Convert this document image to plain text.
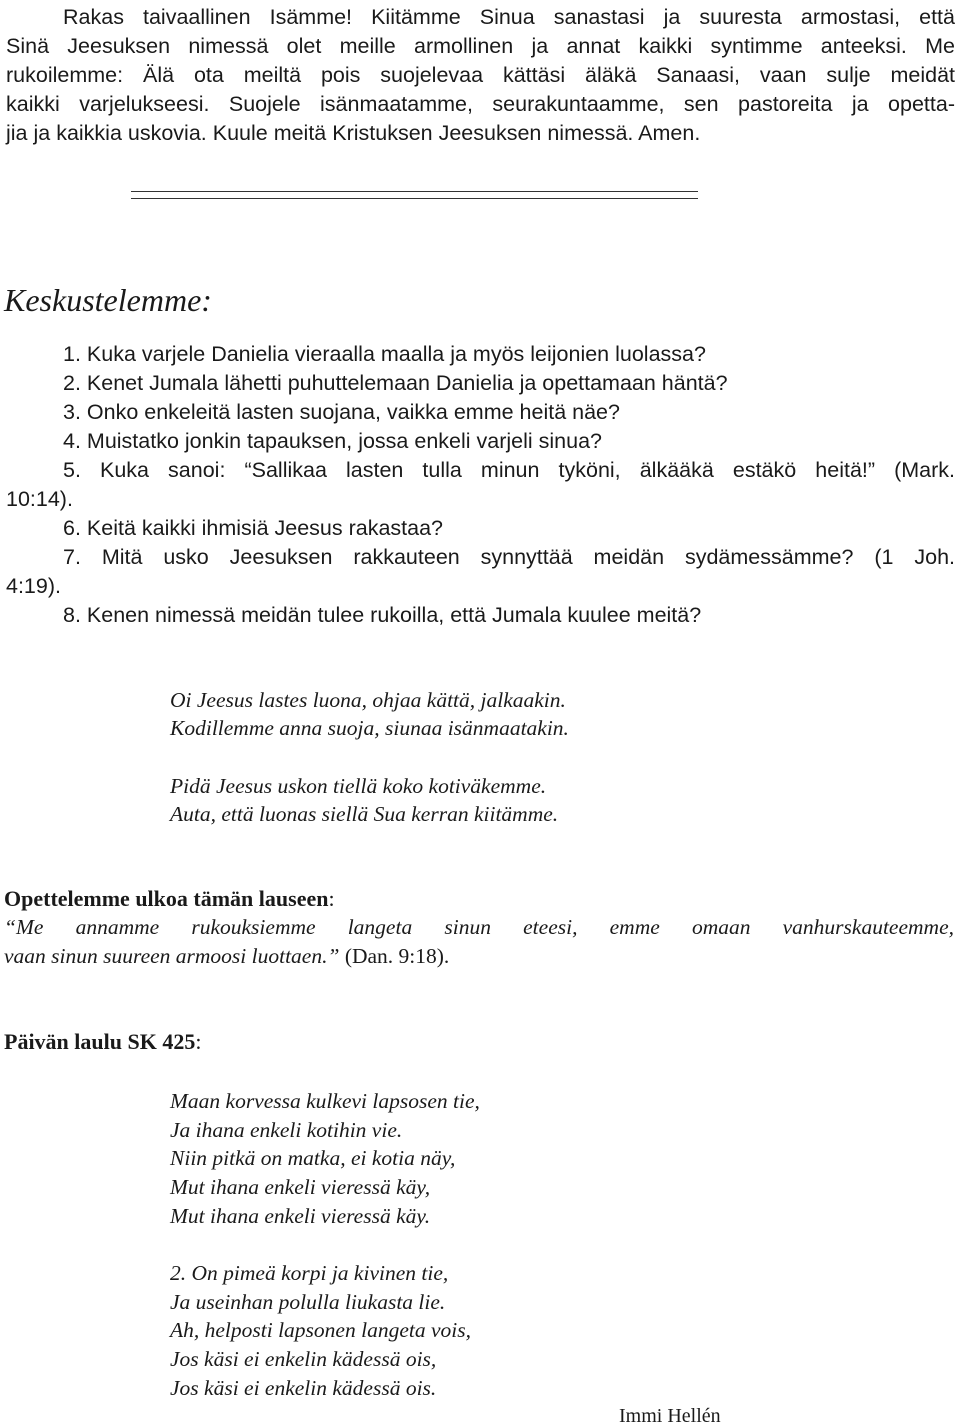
Rakas taivaallinen Isämme! Kiitämme Sinua sanastasi ja suuresta armostasi, että
Sinä Jeesuksen nimessä olet meille armollinen ja annat kaikki syntimme anteeksi. Me
rukoilemme: Älä ota meiltä pois suojelevaa kättäsi äläkä Sanaasi, vaan sulje meidät
kaikki varjelukseesi. Suojele isänmaatamme, seurakuntaamme, sen pastoreita ja opetta-
jia ja kaikkia uskovia. Kuule meitä Kristuksen Jeesuksen nimessä. Amen.
Keskustelemme:
1. Kuka varjele Danielia vieraalla maalla ja myös leijonien luolassa?
2. Kenet Jumala lähetti puhuttelemaan Danielia ja opettamaan häntä?
3. Onko enkeleitä lasten suojana, vaikka emme heitä näe?
4. Muistatko jonkin tapauksen, jossa enkeli varjeli sinua?
5. Kuka sanoi: “Sallikaa lasten tulla minun tyköni, älkääkä estäkö heitä!” (Mark.
10:14).
6. Keitä kaikki ihmisiä Jeesus rakastaa?
7. Mitä usko Jeesuksen rakkauteen synnyttää meidän sydämessämme? (1 Joh.
4:19).
8. Kenen nimessä meidän tulee rukoilla, että Jumala kuulee meitä?
Oi Jeesus lastes luona, ohjaa kättä, jalkaakin.
Kodillemme anna suoja, siunaa isänmaatakin.
Pidä Jeesus uskon tiellä koko kotiväkemme.
Auta, että luonas siellä Sua kerran kiitämme.
Opettelemme ulkoa tämän lauseen:
“Me annamme rukouksiemme langeta sinun eteesi, emme omaan vanhurskauteemme,
vaan sinun suureen armoosi luottaen.” (Dan. 9:18).
Päivän laulu SK 425:
Maan korvessa kulkevi lapsosen tie,
Ja ihana enkeli kotihin vie.
Niin pitkä on matka, ei kotia näy,
Mut ihana enkeli vieressä käy,
Mut ihana enkeli vieressä käy.
2. On pimeä korpi ja kivinen tie,
Ja useinhan polulla liukasta lie.
Ah, helposti lapsonen langeta vois,
Jos käsi ei enkelin kädessä ois,
Jos käsi ei enkelin kädessä ois.
Immi Hellén
